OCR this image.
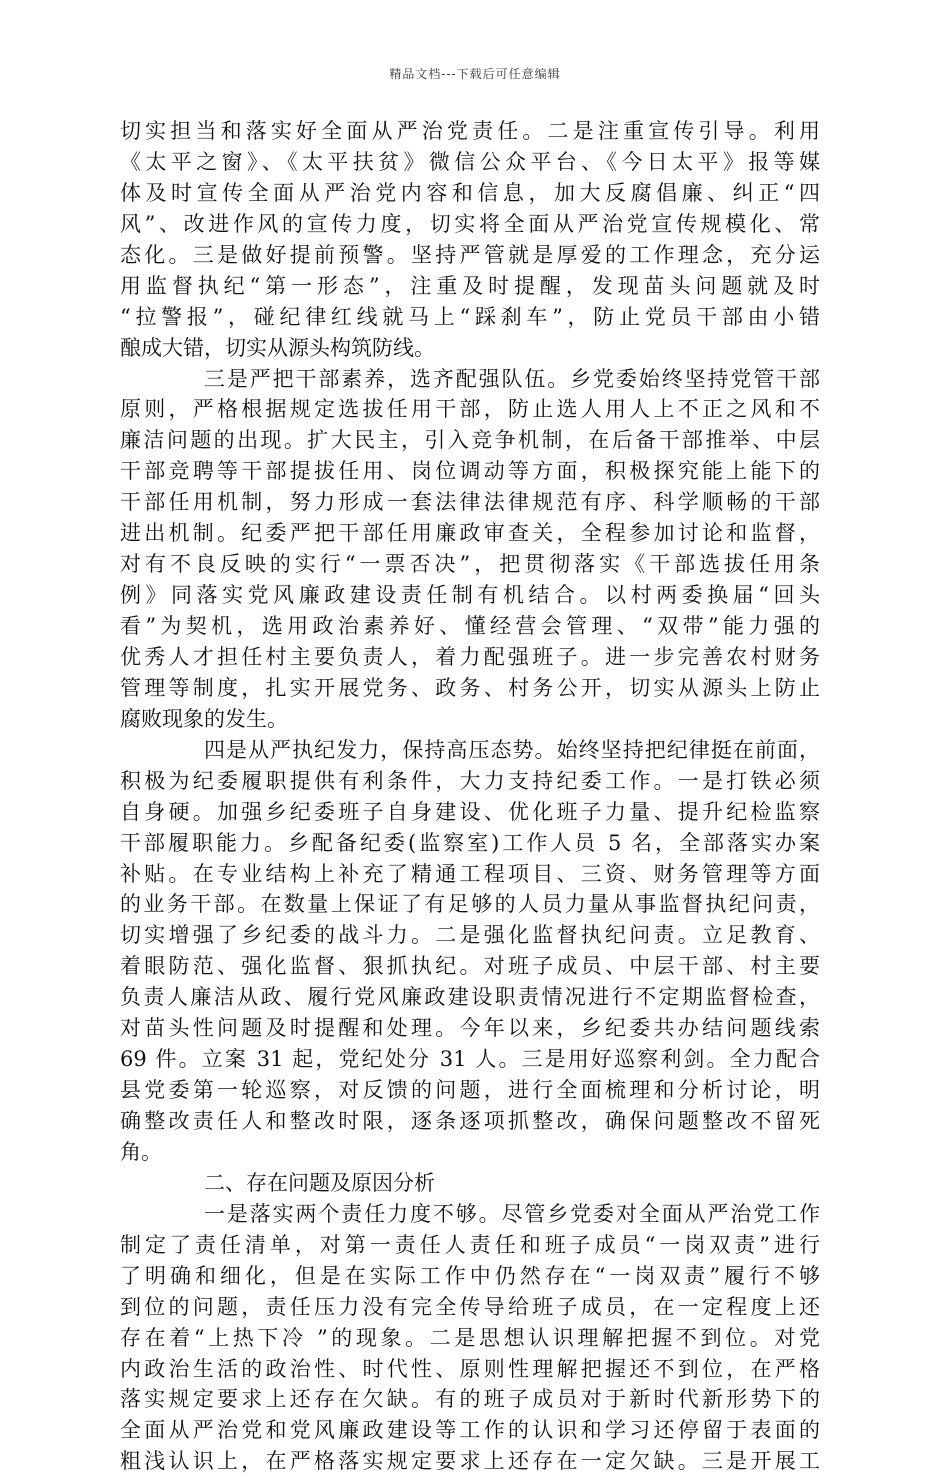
精品文档---下载后可任意编辑
切实担当和落实好全面从严治党责任。二是注重宣传引导。利用
《太平之窗》、《太平扶贫》微信公众平台、《今日太平》报等媒
体及时宣传全面从严治党内容和信息，加大反腐倡廉、纠正“四
风”、改进作风的宣传力度，切实将全面从严治党宣传规模化、常
态化。三是做好提前预警。坚持严管就是厚爱的工作理念，充分运
用监督执纪“第一形态”，注重及时提醒，发现苗头问题就及时
“拉警报”，碰纪律红线就马上“踩刹车”，防止党员干部由小错
酿成大错，切实从源头构筑防线。
三是严把干部素养，选齐配强队伍。乡党委始终坚持党管干部
原则，严格根据规定选拔任用干部，防止选人用人上不正之风和不
廉洁问题的出现。扩大民主，引入竞争机制，在后备干部推举、中层
干部竞聘等干部提拔任用、岗位调动等方面，积极探究能上能下的
干部任用机制，努力形成一套法律法律规范有序、科学顺畅的干部
进出机制。纪委严把干部任用廉政审查关，全程参加讨论和监督，
对有不良反映的实行“一票否决”，把贯彻落实《干部选拔任用条
例》同落实党风廉政建设责任制有机结合。以村两委换届“回头
看”为契机，选用政治素养好、懂经营会管理、“双带”能力强的
优秀人才担任村主要负责人，着力配强班子。进一步完善农村财务
管理等制度，扎实开展党务、政务、村务公开，切实从源头上防止
腐败现象的发生。
四是从严执纪发力，保持高压态势。始终坚持把纪律挺在前面，
积极为纪委履职提供有利条件，大力支持纪委工作。一是打铁必须
自身硬。加强乡纪委班子自身建设、优化班子力量、提升纪检监察
干部履职能力。乡配备纪委(监察室)工作人员 5 名，全部落实办案
补贴。在专业结构上补充了精通工程项目、三资、财务管理等方面
的业务干部。在数量上保证了有足够的人员力量从事监督执纪问责，
切实增强了乡纪委的战斗力。二是强化监督执纪问责。立足教育、
着眼防范、强化监督、狠抓执纪。对班子成员、中层干部、村主要
负责人廉洁从政、履行党风廉政建设职责情况进行不定期监督检查，
对苗头性问题及时提醒和处理。今年以来，乡纪委共办结问题线索
69 件。立案 31 起，党纪处分 31 人。三是用好巡察利剑。全力配合
县党委第一轮巡察，对反馈的问题，进行全面梳理和分析讨论，明
确整改责任人和整改时限，逐条逐项抓整改，确保问题整改不留死
角。
二、存在问题及原因分析
一是落实两个责任力度不够。尽管乡党委对全面从严治党工作
制定了责任清单，对第一责任人责任和班子成员“一岗双责”进行
了明确和细化，但是在实际工作中仍然存在“一岗双责”履行不够
到位的问题，责任压力没有完全传导给班子成员，在一定程度上还
存在着“上热下冷 ”的现象。二是思想认识理解把握不到位。对党
内政治生活的政治性、时代性、原则性理解把握还不到位，在严格
落实规定要求上还存在欠缺。有的班子成员对于新时代新形势下的
全面从严治党和党风廉政建设等工作的认识和学习还停留于表面的
粗浅认识上，在严格落实规定要求上还存在一定欠缺。三是开展工
